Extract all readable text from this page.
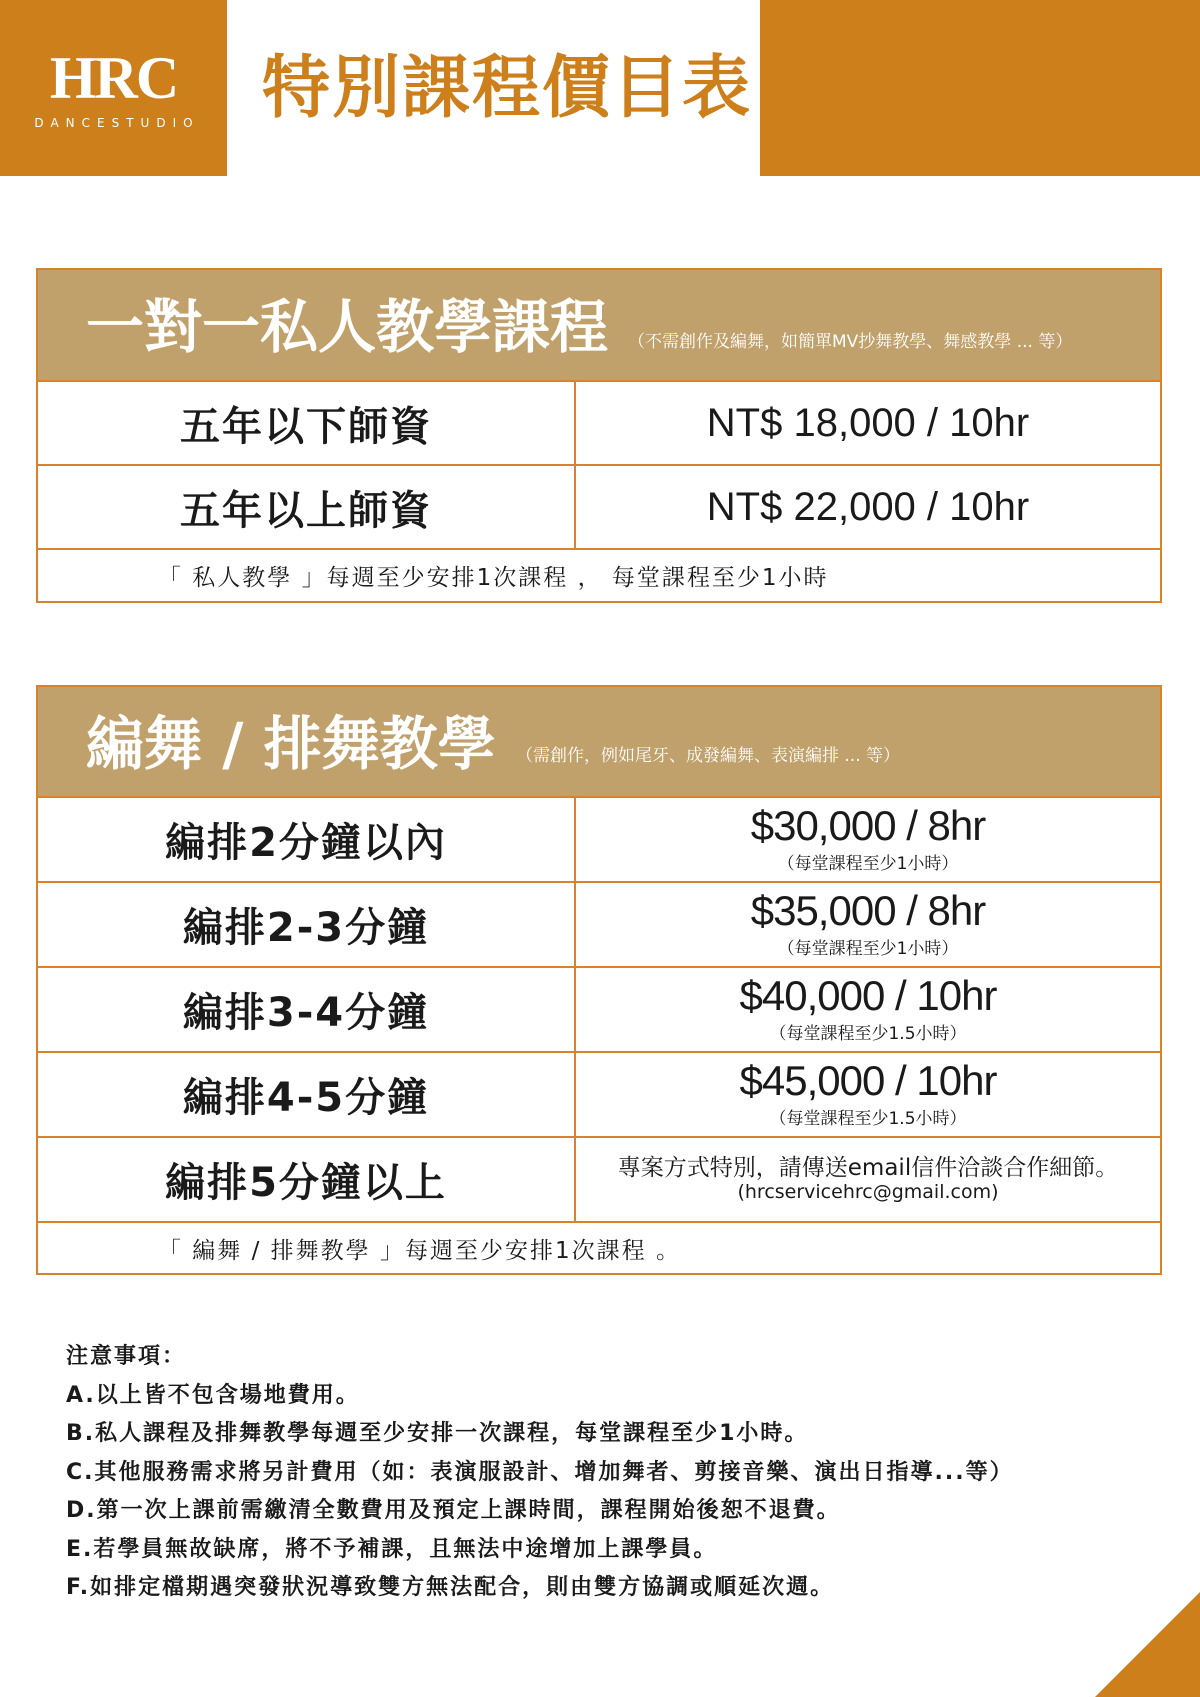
HRC
DANCESTUDIO 特別課程價目表
一對一私人教學課程 （不需創作及編舞，如簡單MV抄舞教學、舞感教學 ... 等）
五年以下師資	NT$ 18,000 / 10hr
五年以上師資	NT$ 22,000 / 10hr
「 私人教學 」每週至少安排1次課程 ， 每堂課程至少1小時
編舞 / 排舞教學 （需創作，例如尾牙、成發編舞、表演編排 ... 等）
編排2分鐘以內	$30,000 / 8hr
（每堂課程至少1小時）
編排2-3分鐘	$35,000 / 8hr
（每堂課程至少1小時）
編排3-4分鐘	$40,000 / 10hr
（每堂課程至少1.5小時）
編排4-5分鐘	$45,000 / 10hr
（每堂課程至少1.5小時）
編排5分鐘以上	專案方式特別，請傳送email信件洽談合作細節。
(hrcservicehrc@gmail.com)
「 編舞 / 排舞教學 」每週至少安排1次課程 。
注意事項：
A.以上皆不包含場地費用。
B.私人課程及排舞教學每週至少安排一次課程，每堂課程至少1小時。
C.其他服務需求將另計費用（如：表演服設計、增加舞者、剪接音樂、演出日指導...等）
D.第一次上課前需繳清全數費用及預定上課時間，課程開始後恕不退費。
E.若學員無故缺席，將不予補課，且無法中途增加上課學員。
F.如排定檔期遇突發狀況導致雙方無法配合，則由雙方協調或順延次週。
